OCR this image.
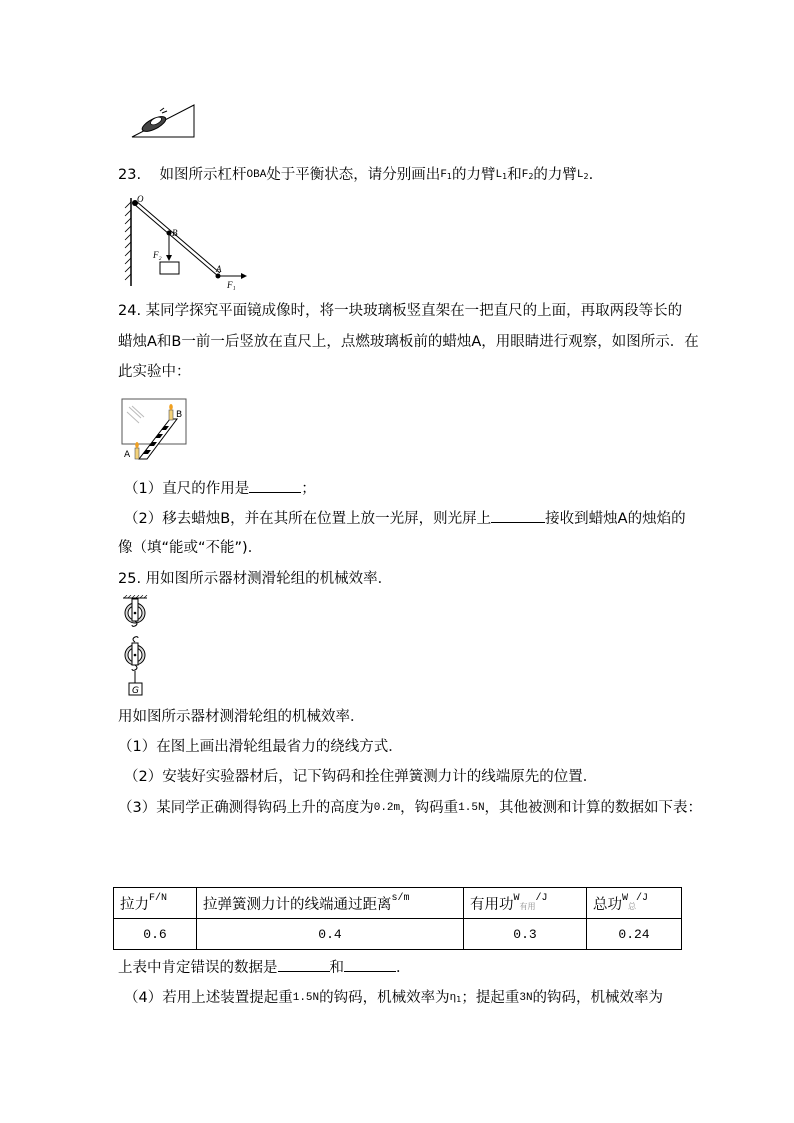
23. 如图所示杠杆$^{OBA}$处于平衡状态，请分别画出$^F$1的力臂$^L$1和$^F$2的力臂$^L$2.
O
B
A
F₂
F₁
24. 某同学探究平面镜成像时，将一块玻璃板竖直架在一把直尺的上面，再取两段等长的
蜡烛A和B一前一后竖放在直尺上，点燃玻璃板前的蜡烛A，用眼睛进行观察，如图所示．在
此实验中：
B
A
（1）直尺的作用是	；
（2）移去蜡烛B，并在其所在位置上放一光屏，则光屏上	接收到蜡烛A的烛焰的
像（填“能或“不能”)．
25. 用如图所示器材测滑轮组的机械效率．
G
用如图所示器材测滑轮组的机械效率．
（1）在图上画出滑轮组最省力的绕线方式．
（2）安装好实验器材后，记下钩码和拴住弹簧测力计的线端原先的位置．
（3）某同学正确测得钩码上升的高度为$^{0.2m}$，钩码重$^{1.5N}$，其他被测和计算的数据如下表：
拉力$^{F/N}$	拉弹簧测力计的线端通过距离$^{s/m}$	有用功$^W$有用$^{/J}$	总功$^W$总$^{/J}$
0.6	0.4	0.3	0.24
上表中肯定错误的数据是	和	．
（4）若用上述装置提起重$^{1.5N}$的钩码，机械效率为$^\eta$1；提起重$^{3N}$的钩码，机械效率为
